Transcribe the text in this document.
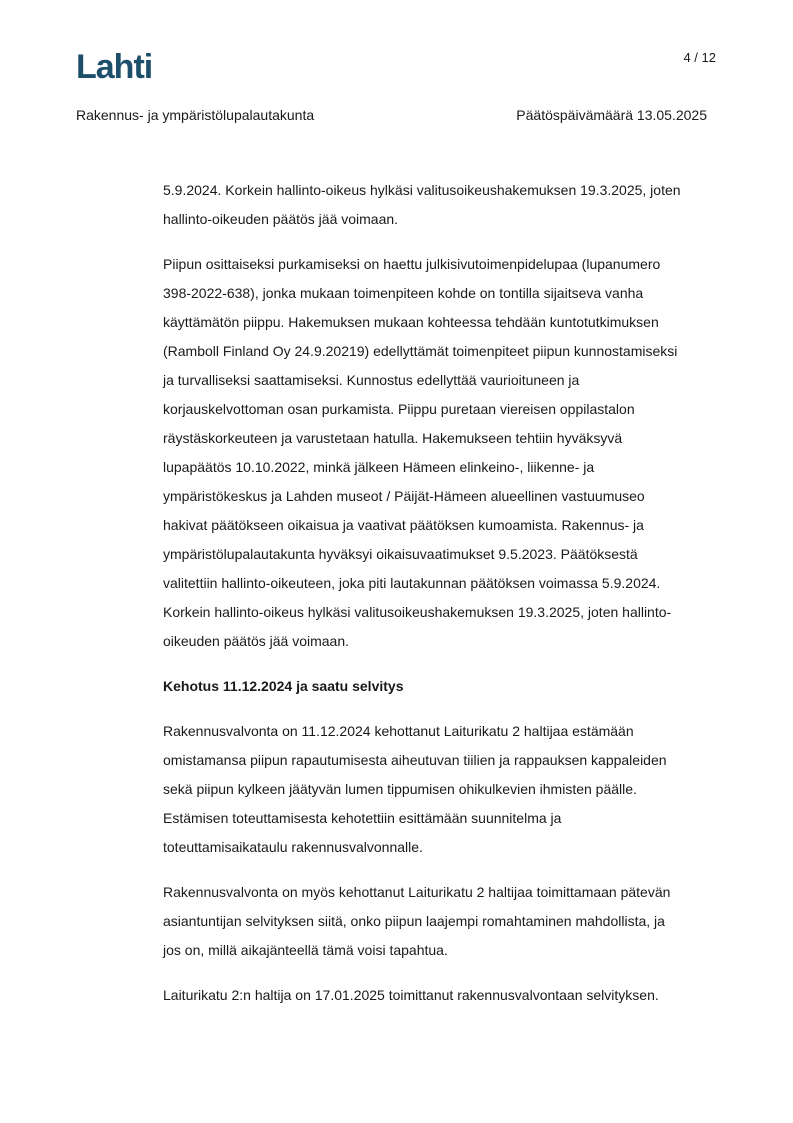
Lahti	4 / 12
Rakennus- ja ympäristölupalautakunta	Päätöspäivämäärä 13.05.2025

5.9.2024. Korkein hallinto-oikeus hylkäsi valitusoikeushakemuksen 19.3.2025, joten
hallinto-oikeuden päätös jää voimaan.

Piipun osittaiseksi purkamiseksi on haettu julkisivutoimenpidelupaa (lupanumero
398-2022-638), jonka mukaan toimenpiteen kohde on tontilla sijaitseva vanha
käyttämätön piippu. Hakemuksen mukaan kohteessa tehdään kuntotutkimuksen
(Ramboll Finland Oy 24.9.20219) edellyttämät toimenpiteet piipun kunnostamiseksi
ja turvalliseksi saattamiseksi. Kunnostus edellyttää vaurioituneen ja
korjauskelvottoman osan purkamista. Piippu puretaan viereisen oppilastalon
räystäskorkeuteen ja varustetaan hatulla. Hakemukseen tehtiin hyväksyvä
lupapäätös 10.10.2022, minkä jälkeen Hämeen elinkeino-, liikenne- ja
ympäristökeskus ja Lahden museot / Päijät-Hämeen alueellinen vastuumuseo
hakivat päätökseen oikaisua ja vaativat päätöksen kumoamista. Rakennus- ja
ympäristölupalautakunta hyväksyi oikaisuvaatimukset 9.5.2023. Päätöksestä
valitettiin hallinto-oikeuteen, joka piti lautakunnan päätöksen voimassa 5.9.2024.
Korkein hallinto-oikeus hylkäsi valitusoikeushakemuksen 19.3.2025, joten hallinto-
oikeuden päätös jää voimaan.

Kehotus 11.12.2024 ja saatu selvitys

Rakennusvalvonta on 11.12.2024 kehottanut Laiturikatu 2 haltijaa estämään
omistamansa piipun rapautumisesta aiheutuvan tiilien ja rappauksen kappaleiden
sekä piipun kylkeen jäätyvän lumen tippumisen ohikulkevien ihmisten päälle.
Estämisen toteuttamisesta kehotettiin esittämään suunnitelma ja
toteuttamisaikataulu rakennusvalvonnalle.

Rakennusvalvonta on myös kehottanut Laiturikatu 2 haltijaa toimittamaan pätevän
asiantuntijan selvityksen siitä, onko piipun laajempi romahtaminen mahdollista, ja
jos on, millä aikajänteellä tämä voisi tapahtua.

Laiturikatu 2:n haltija on 17.01.2025 toimittanut rakennusvalvontaan selvityksen.
